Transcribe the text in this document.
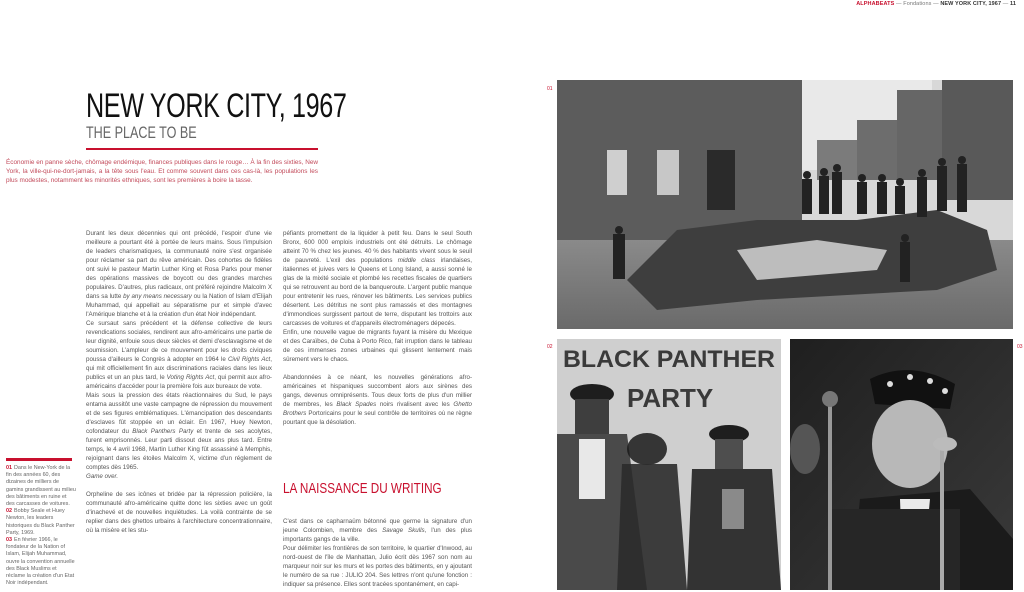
ALPHABEATS — Fondations — NEW YORK CITY, 1967 — 11
NEW YORK CITY, 1967
THE PLACE TO BE
Économie en panne sèche, chômage endémique, finances publiques dans le rouge… À la fin des sixties, New York, la ville-qui-ne-dort-jamais, a la tête sous l'eau. Et comme souvent dans ces cas-là, les populations les plus modestes, notamment les minorités ethniques, sont les premières à boire la tasse.

Durant les deux décennies qui ont précédé, l'espoir d'une vie meilleure a pourtant été à portée de leurs mains. Sous l'impulsion de leaders charismatiques, la communauté noire s'est organisée pour réclamer sa part du rêve américain. Des cohortes de fidèles ont suivi le pasteur Martin Luther King et Rosa Parks pour mener des opérations massives de boycott ou des grandes marches populaires. D'autres, plus radicaux, ont préféré rejoindre Malcolm X dans sa lutte by any means necessary ou la Nation of Islam d'Elijah Muhammad, qui appellait au séparatisme pur et simple d'avec l'Amérique blanche et à la création d'un état Noir indépendant.

Ce sursaut sans précédent et la défense collective de leurs revendications sociales, rendirent aux afro-américains une partie de leur dignité, enfouie sous deux siècles et demi d'esclavagisme et de soumission. L'ampleur de ce mouvement pour les droits civiques poussa d'ailleurs le Congrès à adopter en 1964 le Civil Rights Act, qui mit officiellement fin aux discriminations raciales dans les lieux publics et un an plus tard, le Voting Rights Act, qui permit aux afro-américains d'accéder pour la première fois aux bureaux de vote.

Mais sous la pression des états réactionnaires du Sud, le pays entama aussitôt une vaste campagne de répression du mouvement et de ses figures emblématiques. L'émancipation des descendants d'esclaves fût stoppée en un éclair. En 1967, Huey Newton, cofondateur du Black Panthers Party et trente de ses acolytes, furent emprisonnés. Leur parti dissout deux ans plus tard. Entre temps, le 4 avril 1968, Martin Luther King fût assassiné à Memphis, rejoignant dans les étoiles Malcolm X, victime d'un réglement de comptes dès 1965.

Game over.

Orpheline de ses icônes et bridée par la répression policière, la communauté afro-américaine quitte donc les sixties avec un goût d'inachevé et de nouvelles inquiétudes. La voilà contrainte de se replier dans des ghettos urbains à l'architecture concentrationnaire, où la misère et les stu-

péfiants promettent de la liquider à petit feu. Dans le seul South Bronx, 600 000 emplois industriels ont été détruits. Le chômage atteint 70 % chez les jeunes. 40 % des habitants vivent sous le seuil de pauvreté. L'exil des populations middle class irlandaises, italiennes et juives vers le Queens et Long Island, a aussi sonné le glas de la mixité sociale et plombé les recettes fiscales de quartiers qui se retrouvent au bord de la banqueroute. L'argent public manque pour entretenir les rues, rénover les bâtiments. Les services publics désertent. Les détritus ne sont plus ramassés et des montagnes d'immondices surgissent partout de terre, disputant les trottoirs aux carcasses de voitures et d'appareils électroménagers dépecés.

Enfin, une nouvelle vague de migrants fuyant la misère du Mexique et des Caraïbes, de Cuba à Porto Rico, fait irruption dans le tableau de ces immenses zones urbaines qui glissent lentement mais sûrement vers le chaos.

Abandonnées à ce néant, les nouvelles générations afro-américaines et hispaniques succombent alors aux sirènes des gangs, devenus omniprésents. Tous deux forts de plus d'un millier de membres, les Black Spades noirs rivalisent avec les Ghetto Brothers Portoricains pour le seul contrôle de territoires où ne règne pourtant que la désolation.

LA NAISSANCE DU WRITING

C'est dans ce capharnaüm bétonné que germe la signature d'un jeune Colombien, membre des Savage Skulls, l'un des plus importants gangs de la ville.

Pour délimiter les frontières de son territoire, le quartier d'Inwood, au nord-ouest de l'île de Manhattan, Julio écrit dès 1967 son nom au marqueur noir sur les murs et les portes des bâtiments, en y ajoutant le numéro de sa rue : JULIO 204. Ses lettres n'ont qu'une fonction : indiquer sa présence. Elles sont tracées spontanément, en capi-

01 Dans le New-York de la fin des années 60, des dizaines de milliers de gamins grandissent au milieu des bâtiments en ruine et des carcasses de voitures.
02 Bobby Seale et Huey Newton, les leaders historiques du Black Panther Party, 1969.
03 En février 1966, le fondateur de la Nation of Islam, Elijah Muhammad, ouvre la convention annuelle des Black Muslims et réclame la création d'un Etat Noir indépendant.
01
02	03
BLACK PANTHER
PARTY
